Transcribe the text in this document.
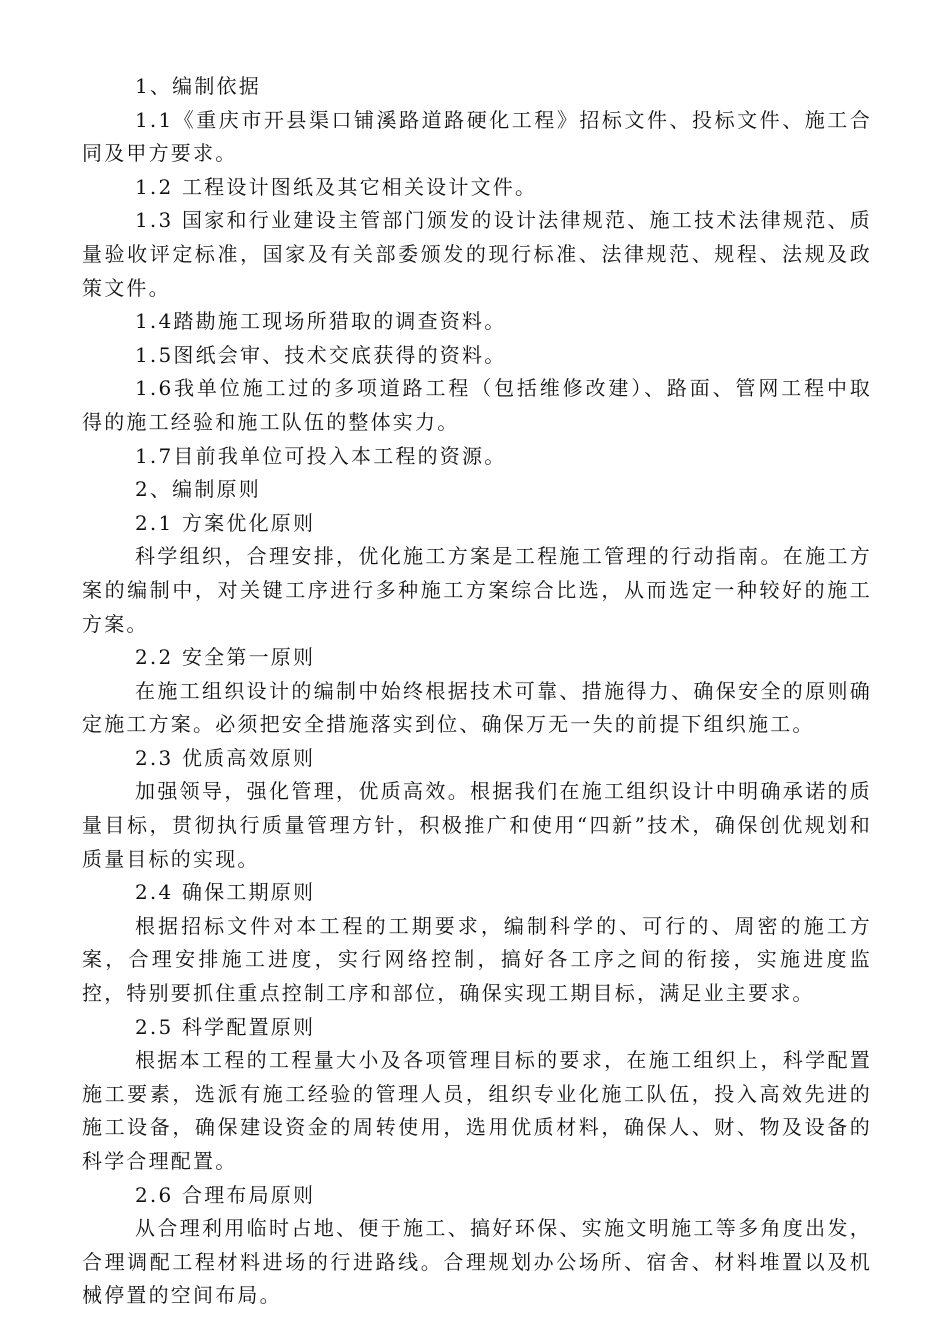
1、编制依据

1.1《重庆市开县渠口铺溪路道路硬化工程》招标文件、投标文件、施工合同及甲方要求。

1.2 工程设计图纸及其它相关设计文件。

1.3 国家和行业建设主管部门颁发的设计法律规范、施工技术法律规范、质量验收评定标准，国家及有关部委颁发的现行标准、法律规范、规程、法规及政策文件。

1.4踏勘施工现场所猎取的调查资料。

1.5图纸会审、技术交底获得的资料。

1.6我单位施工过的多项道路工程（包括维修改建）、路面、管网工程中取得的施工经验和施工队伍的整体实力。

1.7目前我单位可投入本工程的资源。

2、编制原则

2.1 方案优化原则

科学组织，合理安排，优化施工方案是工程施工管理的行动指南。在施工方案的编制中，对关键工序进行多种施工方案综合比选，从而选定一种较好的施工方案。

2.2 安全第一原则

在施工组织设计的编制中始终根据技术可靠、措施得力、确保安全的原则确定施工方案。必须把安全措施落实到位、确保万无一失的前提下组织施工。

2.3 优质高效原则

加强领导，强化管理，优质高效。根据我们在施工组织设计中明确承诺的质量目标，贯彻执行质量管理方针，积极推广和使用“四新”技术，确保创优规划和质量目标的实现。

2.4 确保工期原则

根据招标文件对本工程的工期要求，编制科学的、可行的、周密的施工方案，合理安排施工进度，实行网络控制，搞好各工序之间的衔接，实施进度监控，特别要抓住重点控制工序和部位，确保实现工期目标，满足业主要求。

2.5 科学配置原则

根据本工程的工程量大小及各项管理目标的要求，在施工组织上，科学配置施工要素，选派有施工经验的管理人员，组织专业化施工队伍，投入高效先进的施工设备，确保建设资金的周转使用，选用优质材料，确保人、财、物及设备的科学合理配置。

2.6 合理布局原则

从合理利用临时占地、便于施工、搞好环保、实施文明施工等多角度出发，合理调配工程材料进场的行进路线。合理规划办公场所、宿舍、材料堆置以及机械停置的空间布局。
